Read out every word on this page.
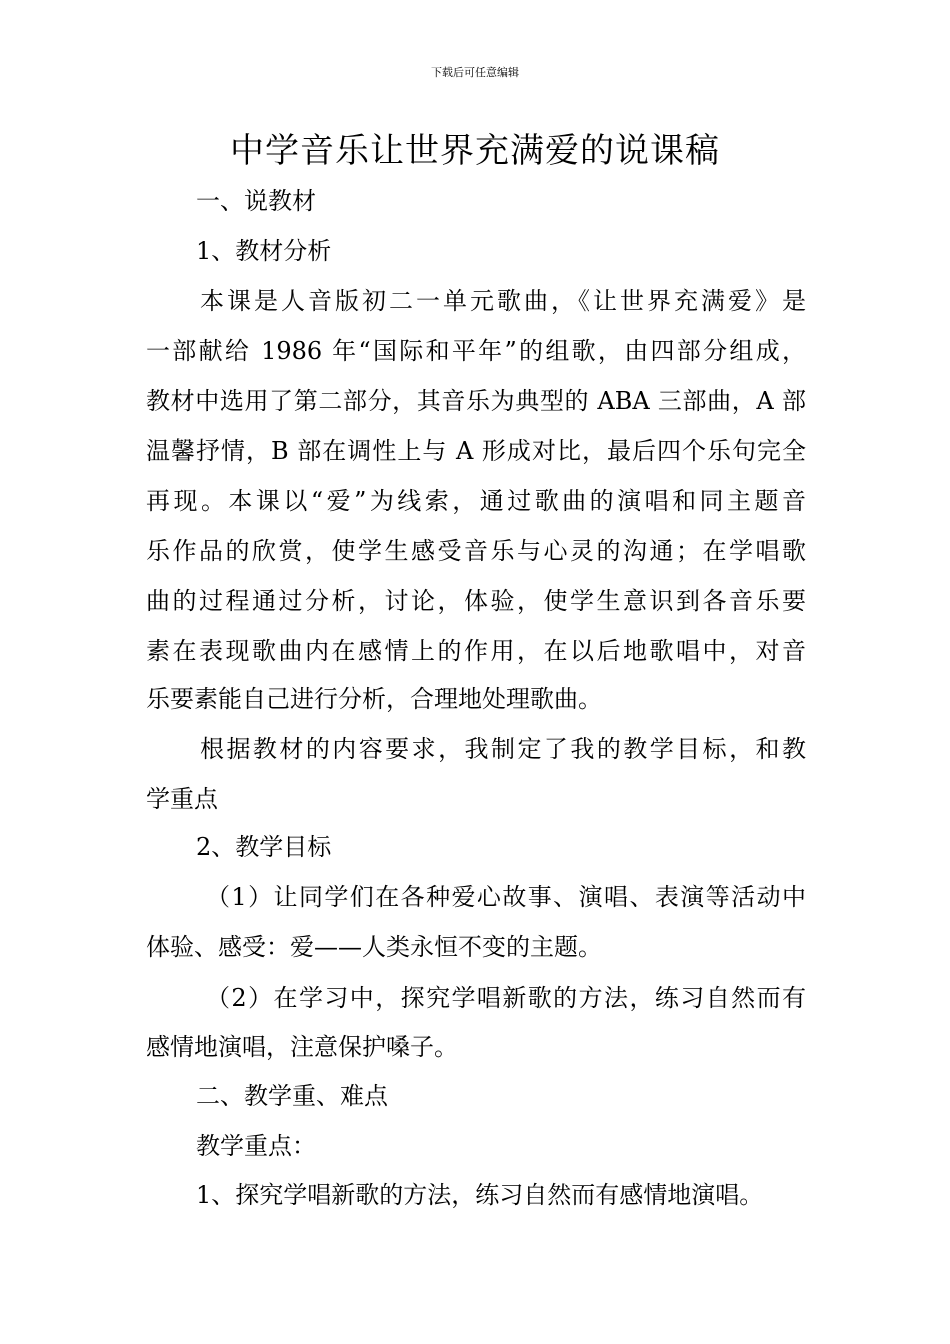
下载后可任意编辑
中学音乐让世界充满爱的说课稿
一、说教材
1、教材分析
本课是人音版初二一单元歌曲，《让世界充满爱》是
一部献给 1986 年“国际和平年”的组歌，由四部分组成，
教材中选用了第二部分，其音乐为典型的 ABA 三部曲，A 部
温馨抒情，B 部在调性上与 A 形成对比，最后四个乐句完全
再现。本课以“爱”为线索，通过歌曲的演唱和同主题音
乐作品的欣赏，使学生感受音乐与心灵的沟通；在学唱歌
曲的过程通过分析，讨论，体验，使学生意识到各音乐要
素在表现歌曲内在感情上的作用，在以后地歌唱中，对音
乐要素能自己进行分析，合理地处理歌曲。
根据教材的内容要求，我制定了我的教学目标，和教
学重点
2、教学目标
（1）让同学们在各种爱心故事、演唱、表演等活动中
体验、感受：爱——人类永恒不变的主题。
（2）在学习中，探究学唱新歌的方法，练习自然而有
感情地演唱，注意保护嗓子。
二、教学重、难点
教学重点：
1、探究学唱新歌的方法，练习自然而有感情地演唱。
